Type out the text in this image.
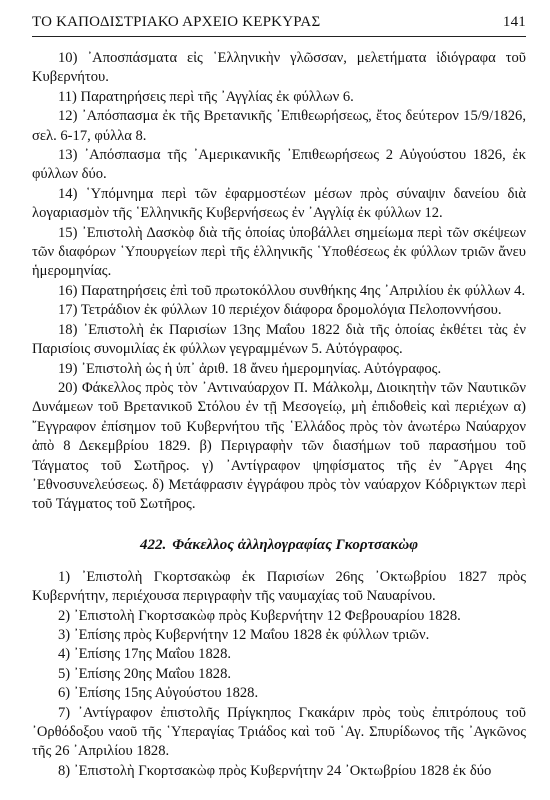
ΤΟ ΚΑΠΟΔΙΣΤΡΙΑΚΟ ΑΡΧΕΙΟ ΚΕΡΚΥΡΑΣ	141

10) ᾿Αποσπάσματα εἰς ῾Ελληνικὴν γλῶσσαν, μελετήματα ἰδιόγραφα τοῦ Κυβερνήτου.

11) Παρατηρήσεις περὶ τῆς ᾿Αγγλίας ἐκ φύλλων 6.

12) ᾿Απόσπασμα ἐκ τῆς Βρετανικῆς ᾿Επιθεωρήσεως, ἔτος δεύτερον 15/9/1826, σελ. 6-17, φύλλα 8.

13) ᾿Απόσπασμα τῆς ᾿Αμερικανικῆς ᾿Επιθεωρήσεως 2 Αὐγούστου 1826, ἐκ φύλλων δύο.

14) ῾Υπόμνημα περὶ τῶν ἐφαρμοστέων μέσων πρὸς σύναψιν δανείου διὰ λογαριασμὸν τῆς ῾Ελληνικῆς Κυβερνήσεως ἐν ᾿Αγγλίᾳ ἐκ φύλλων 12.

15) ᾿Επιστολὴ Δασκὸφ διὰ τῆς ὁποίας ὑποβάλλει σημείωμα περὶ τῶν σκέψεων τῶν διαφόρων ῾Υπουργείων περὶ τῆς ἑλληνικῆς ῾Υποθέσεως ἐκ φύλλων τριῶν ἄνευ ἡμερομηνίας.

16) Παρατηρήσεις ἐπὶ τοῦ πρωτοκόλλου συνθήκης 4ης ᾿Απριλίου ἐκ φύλλων 4.

17) Τετράδιον ἐκ φύλλων 10 περιέχον διάφορα δρομολόγια Πελοποννήσου.

18) ᾿Επιστολὴ ἐκ Παρισίων 13ης Μαΐου 1822 διὰ τῆς ὁποίας ἐκθέτει τὰς ἐν Παρισίοις συνομιλίας ἐκ φύλλων γεγραμμένων 5. Αὐτόγραφος.

19) ᾿Επιστολὴ ὡς ἡ ὑπ᾿ ἀριθ. 18 ἄνευ ἡμερομηνίας. Αὐτόγραφος.

20) Φάκελλος πρὸς τὸν ᾿Αντιναύαρχον Π. Μάλκολμ, Διοικητὴν τῶν Ναυτικῶν Δυνάμεων τοῦ Βρετανικοῦ Στόλου ἐν τῇ Μεσογείῳ, μὴ ἐπιδοθεὶς καὶ περιέχων α) ῎Εγγραφον ἐπίσημον τοῦ Κυβερνήτου τῆς ῾Ελλάδος πρὸς τὸν ἀνωτέρω Ναύαρχον ἀπὸ 8 Δεκεμβρίου 1829. β) Περιγραφὴν τῶν διασήμων τοῦ παρασήμου τοῦ Τάγματος τοῦ Σωτῆρος. γ) ᾿Αντίγραφον ψηφίσματος τῆς ἐν ῎Αργει 4ης ᾿Εθνοσυνελεύσεως. δ) Μετάφρασιν ἐγγράφου πρὸς τὸν ναύαρχον Κόδριγκτων περὶ τοῦ Τάγματος τοῦ Σωτῆρος.

422. Φάκελλος ἀλληλογραφίας Γκορτσακὼφ

1) ᾿Επιστολὴ Γκορτσακὼφ ἐκ Παρισίων 26ης ᾿Οκτωβρίου 1827 πρὸς Κυβερνήτην, περιέχουσα περιγραφὴν τῆς ναυμαχίας τοῦ Ναυαρίνου.

2) ᾿Επιστολὴ Γκορτσακὼφ πρὸς Κυβερνήτην 12 Φεβρουαρίου 1828.

3) ᾿Επίσης πρὸς Κυβερνήτην 12 Μαΐου 1828 ἐκ φύλλων τριῶν.

4) ᾿Επίσης 17ης Μαΐου 1828.

5) ᾿Επίσης 20ης Μαΐου 1828.

6) ᾿Επίσης 15ης Αὐγούστου 1828.

7) ᾿Αντίγραφον ἐπιστολῆς Πρίγκηπος Γκακάριν πρὸς τοὺς ἐπιτρόπους τοῦ ᾿Ορθόδοξου ναοῦ τῆς ῾Υπεραγίας Τριάδος καὶ τοῦ ῾Αγ. Σπυρίδωνος τῆς ᾿Αγκῶνος τῆς 26 ᾿Απριλίου 1828.

8) ᾿Επιστολὴ Γκορτσακὼφ πρὸς Κυβερνήτην 24 ᾿Οκτωβρίου 1828 ἐκ δύο
